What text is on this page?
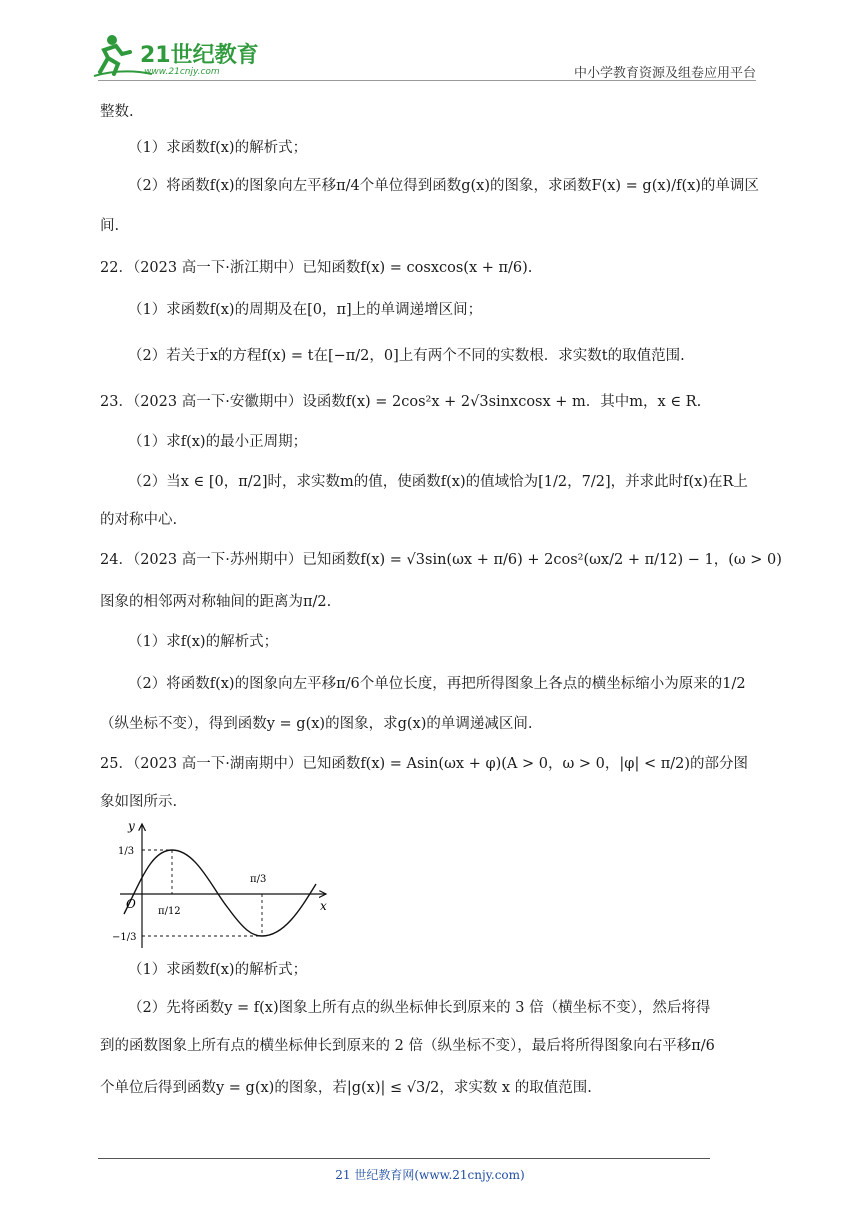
21世纪教育
www.21cnjy.com	中小学教育资源及组卷应用平台
整数.
（1）求函数f(x)的解析式；
（2）将函数f(x)的图象向左平移π/4个单位得到函数g(x)的图象，求函数F(x) = g(x)/f(x)的单调区
间.
22．（2023 高一下·浙江期中）已知函数f(x) = cosxcos(x + π/6).
（1）求函数f(x)的周期及在[0，π]上的单调递增区间；
（2）若关于x的方程f(x) = t在[−π/2，0]上有两个不同的实数根．求实数t的取值范围.
23．（2023 高一下·安徽期中）设函数f(x) = 2cos²x + 2√3sinxcosx + m．其中m，x ∈ R.
（1）求f(x)的最小正周期；
（2）当x ∈ [0，π/2]时，求实数m的值，使函数f(x)的值域恰为[1/2，7/2]，并求此时f(x)在R上
的对称中心.
24．（2023 高一下·苏州期中）已知函数f(x) = √3sin(ωx + π/6) + 2cos²(ωx/2 + π/12) − 1，(ω > 0)
图象的相邻两对称轴间的距离为π/2.
（1）求f(x)的解析式；
（2）将函数f(x)的图象向左平移π/6个单位长度，再把所得图象上各点的横坐标缩小为原来的1/2
（纵坐标不变），得到函数y = g(x)的图象，求g(x)的单调递减区间.
25．（2023 高一下·湖南期中）已知函数f(x) = Asin(ωx + φ)(A > 0，ω > 0，|φ| < π/2)的部分图
象如图所示.
（1）求函数f(x)的解析式；
（2）先将函数y = f(x)图象上所有点的纵坐标伸长到原来的 3 倍（横坐标不变），然后将得
到的函数图象上所有点的横坐标伸长到原来的 2 倍（纵坐标不变），最后将所得图象向右平移π/6
个单位后得到函数y = g(x)的图象，若|g(x)| ≤ √3/2，求实数 x 的取值范围.
y
x
O
1/3
−1/3
π/12
π/3
21 世纪教育网(www.21cnjy.com)
